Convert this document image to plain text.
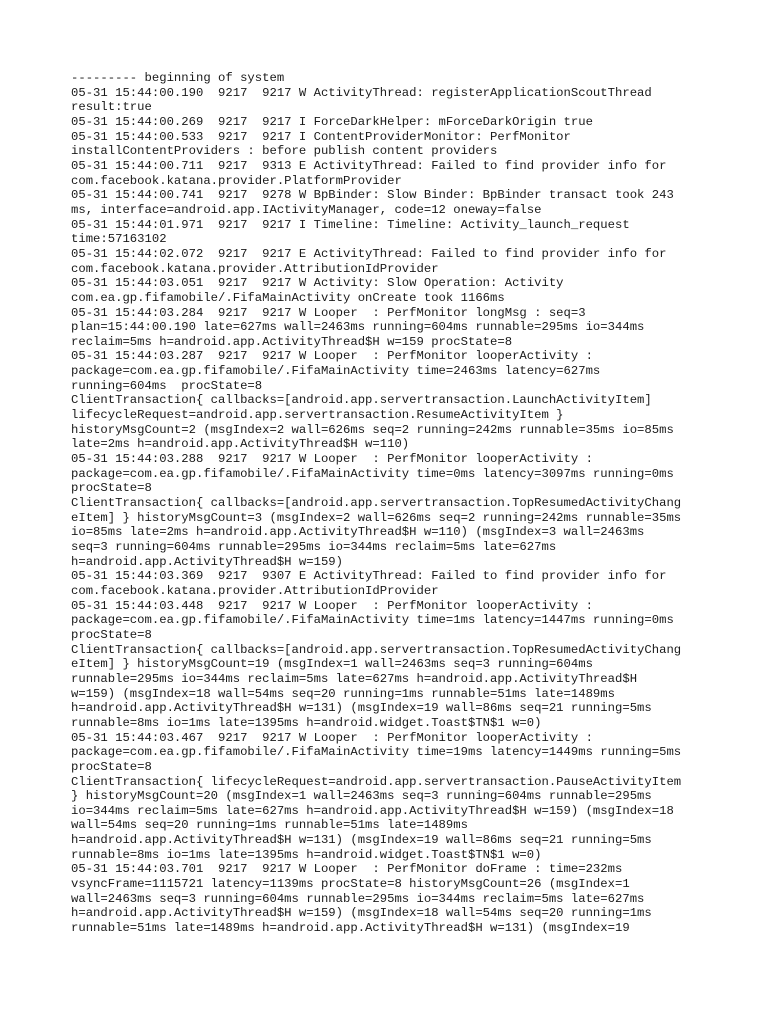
--------- beginning of system
05-31 15:44:00.190  9217  9217 W ActivityThread: registerApplicationScoutThread
result:true
05-31 15:44:00.269  9217  9217 I ForceDarkHelper: mForceDarkOrigin true
05-31 15:44:00.533  9217  9217 I ContentProviderMonitor: PerfMonitor
installContentProviders : before publish content providers
05-31 15:44:00.711  9217  9313 E ActivityThread: Failed to find provider info for
com.facebook.katana.provider.PlatformProvider
05-31 15:44:00.741  9217  9278 W BpBinder: Slow Binder: BpBinder transact took 243
ms, interface=android.app.IActivityManager, code=12 oneway=false
05-31 15:44:01.971  9217  9217 I Timeline: Timeline: Activity_launch_request
time:57163102
05-31 15:44:02.072  9217  9217 E ActivityThread: Failed to find provider info for
com.facebook.katana.provider.AttributionIdProvider
05-31 15:44:03.051  9217  9217 W Activity: Slow Operation: Activity
com.ea.gp.fifamobile/.FifaMainActivity onCreate took 1166ms
05-31 15:44:03.284  9217  9217 W Looper  : PerfMonitor longMsg : seq=3
plan=15:44:00.190 late=627ms wall=2463ms running=604ms runnable=295ms io=344ms
reclaim=5ms h=android.app.ActivityThread$H w=159 procState=8
05-31 15:44:03.287  9217  9217 W Looper  : PerfMonitor looperActivity :
package=com.ea.gp.fifamobile/.FifaMainActivity time=2463ms latency=627ms
running=604ms  procState=8
ClientTransaction{ callbacks=[android.app.servertransaction.LaunchActivityItem]
lifecycleRequest=android.app.servertransaction.ResumeActivityItem }
historyMsgCount=2 (msgIndex=2 wall=626ms seq=2 running=242ms runnable=35ms io=85ms
late=2ms h=android.app.ActivityThread$H w=110)
05-31 15:44:03.288  9217  9217 W Looper  : PerfMonitor looperActivity :
package=com.ea.gp.fifamobile/.FifaMainActivity time=0ms latency=3097ms running=0ms
procState=8
ClientTransaction{ callbacks=[android.app.servertransaction.TopResumedActivityChang
eItem] } historyMsgCount=3 (msgIndex=2 wall=626ms seq=2 running=242ms runnable=35ms
io=85ms late=2ms h=android.app.ActivityThread$H w=110) (msgIndex=3 wall=2463ms
seq=3 running=604ms runnable=295ms io=344ms reclaim=5ms late=627ms
h=android.app.ActivityThread$H w=159)
05-31 15:44:03.369  9217  9307 E ActivityThread: Failed to find provider info for
com.facebook.katana.provider.AttributionIdProvider
05-31 15:44:03.448  9217  9217 W Looper  : PerfMonitor looperActivity :
package=com.ea.gp.fifamobile/.FifaMainActivity time=1ms latency=1447ms running=0ms
procState=8
ClientTransaction{ callbacks=[android.app.servertransaction.TopResumedActivityChang
eItem] } historyMsgCount=19 (msgIndex=1 wall=2463ms seq=3 running=604ms
runnable=295ms io=344ms reclaim=5ms late=627ms h=android.app.ActivityThread$H
w=159) (msgIndex=18 wall=54ms seq=20 running=1ms runnable=51ms late=1489ms
h=android.app.ActivityThread$H w=131) (msgIndex=19 wall=86ms seq=21 running=5ms
runnable=8ms io=1ms late=1395ms h=android.widget.Toast$TN$1 w=0)
05-31 15:44:03.467  9217  9217 W Looper  : PerfMonitor looperActivity :
package=com.ea.gp.fifamobile/.FifaMainActivity time=19ms latency=1449ms running=5ms
procState=8
ClientTransaction{ lifecycleRequest=android.app.servertransaction.PauseActivityItem
} historyMsgCount=20 (msgIndex=1 wall=2463ms seq=3 running=604ms runnable=295ms
io=344ms reclaim=5ms late=627ms h=android.app.ActivityThread$H w=159) (msgIndex=18
wall=54ms seq=20 running=1ms runnable=51ms late=1489ms
h=android.app.ActivityThread$H w=131) (msgIndex=19 wall=86ms seq=21 running=5ms
runnable=8ms io=1ms late=1395ms h=android.widget.Toast$TN$1 w=0)
05-31 15:44:03.701  9217  9217 W Looper  : PerfMonitor doFrame : time=232ms
vsyncFrame=1115721 latency=1139ms procState=8 historyMsgCount=26 (msgIndex=1
wall=2463ms seq=3 running=604ms runnable=295ms io=344ms reclaim=5ms late=627ms
h=android.app.ActivityThread$H w=159) (msgIndex=18 wall=54ms seq=20 running=1ms
runnable=51ms late=1489ms h=android.app.ActivityThread$H w=131) (msgIndex=19
